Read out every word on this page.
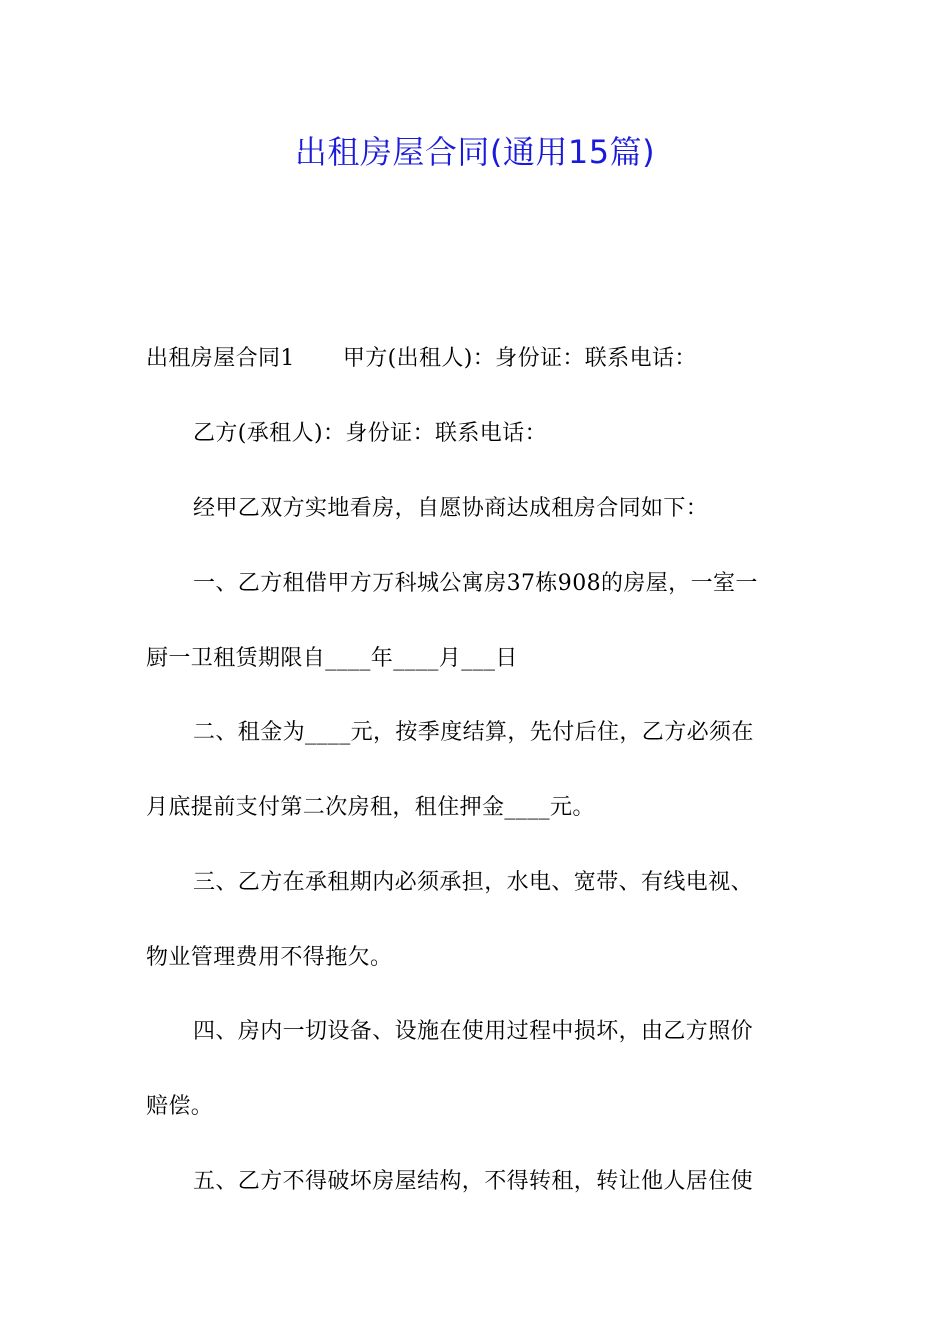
出租房屋合同(通用15篇)
出租房屋合同1 甲方(出租人)：身份证：联系电话：
乙方(承租人)：身份证：联系电话：
经甲乙双方实地看房，自愿协商达成租房合同如下：
一、乙方租借甲方万科城公寓房37栋908的房屋，一室一
厨一卫租赁期限自____年____月___日
二、租金为____元，按季度结算，先付后住，乙方必须在
月底提前支付第二次房租，租住押金____元。
三、乙方在承租期内必须承担，水电、宽带、有线电视、
物业管理费用不得拖欠。
四、房内一切设备、设施在使用过程中损坏，由乙方照价
赔偿。
五、乙方不得破坏房屋结构，不得转租，转让他人居住使
